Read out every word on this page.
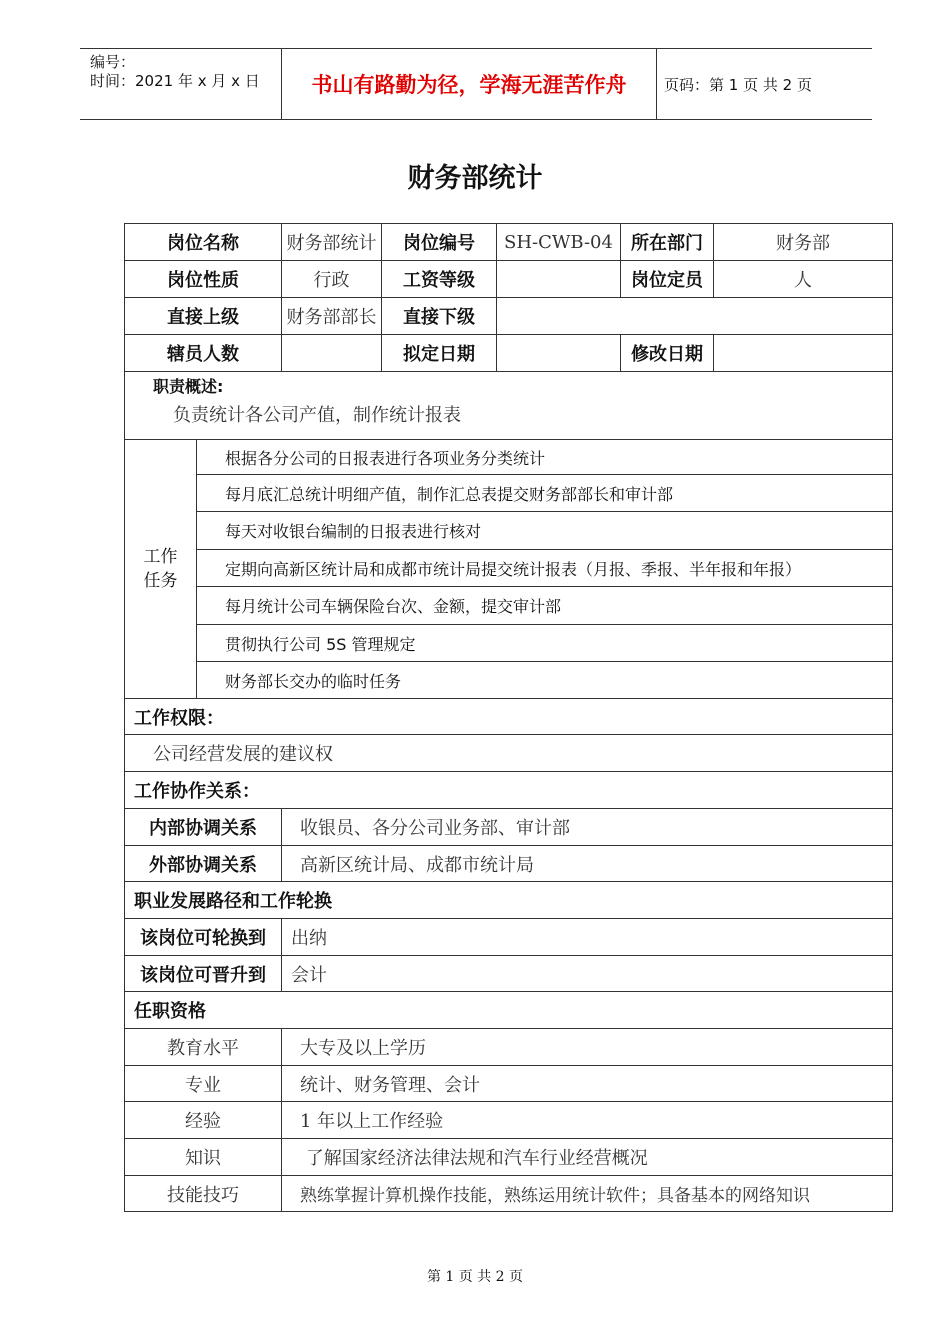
编号：
时间：2021 年 x 月 x 日	书山有路勤为径，学海无涯苦作舟	页码：第 1 页 共 2 页
财务部统计
岗位名称		财务部统计	岗位编号	SH-CWB-04	所在部门	财务部
岗位性质		行政	工资等级		岗位定员	人
直接上级		财务部部长	直接下级			
辖员人数			拟定日期		修改日期	

职责概述:
负责统计各公司产值，制作统计报表						

工作
任务	根据各分公司的日报表进行各项业务分类统计					
	每月底汇总统计明细产值，制作汇总表提交财务部部长和审计部					
	每天对收银台编制的日报表进行核对					
	定期向高新区统计局和成都市统计局提交统计报表（月报、季报、半年报和年报）					
	每月统计公司车辆保险台次、金额，提交审计部					
	贯彻执行公司 5S 管理规定					
	财务部长交办的临时任务					
工作权限：						
公司经营发展的建议权						
工作协作关系：						
内部协调关系		收银员、各分公司业务部、审计部				
外部协调关系		高新区统计局、成都市统计局				
职业发展路径和工作轮换						
该岗位可轮换到		出纳				
该岗位可晋升到		会计				
任职资格						
教育水平		大专及以上学历				
专业		统计、财务管理、会计				
经验		1 年以上工作经验				
知识		了解国家经济法律法规和汽车行业经营概况				
技能技巧		熟练掌握计算机操作技能，熟练运用统计软件；具备基本的网络知识				
第 1 页 共 2 页
